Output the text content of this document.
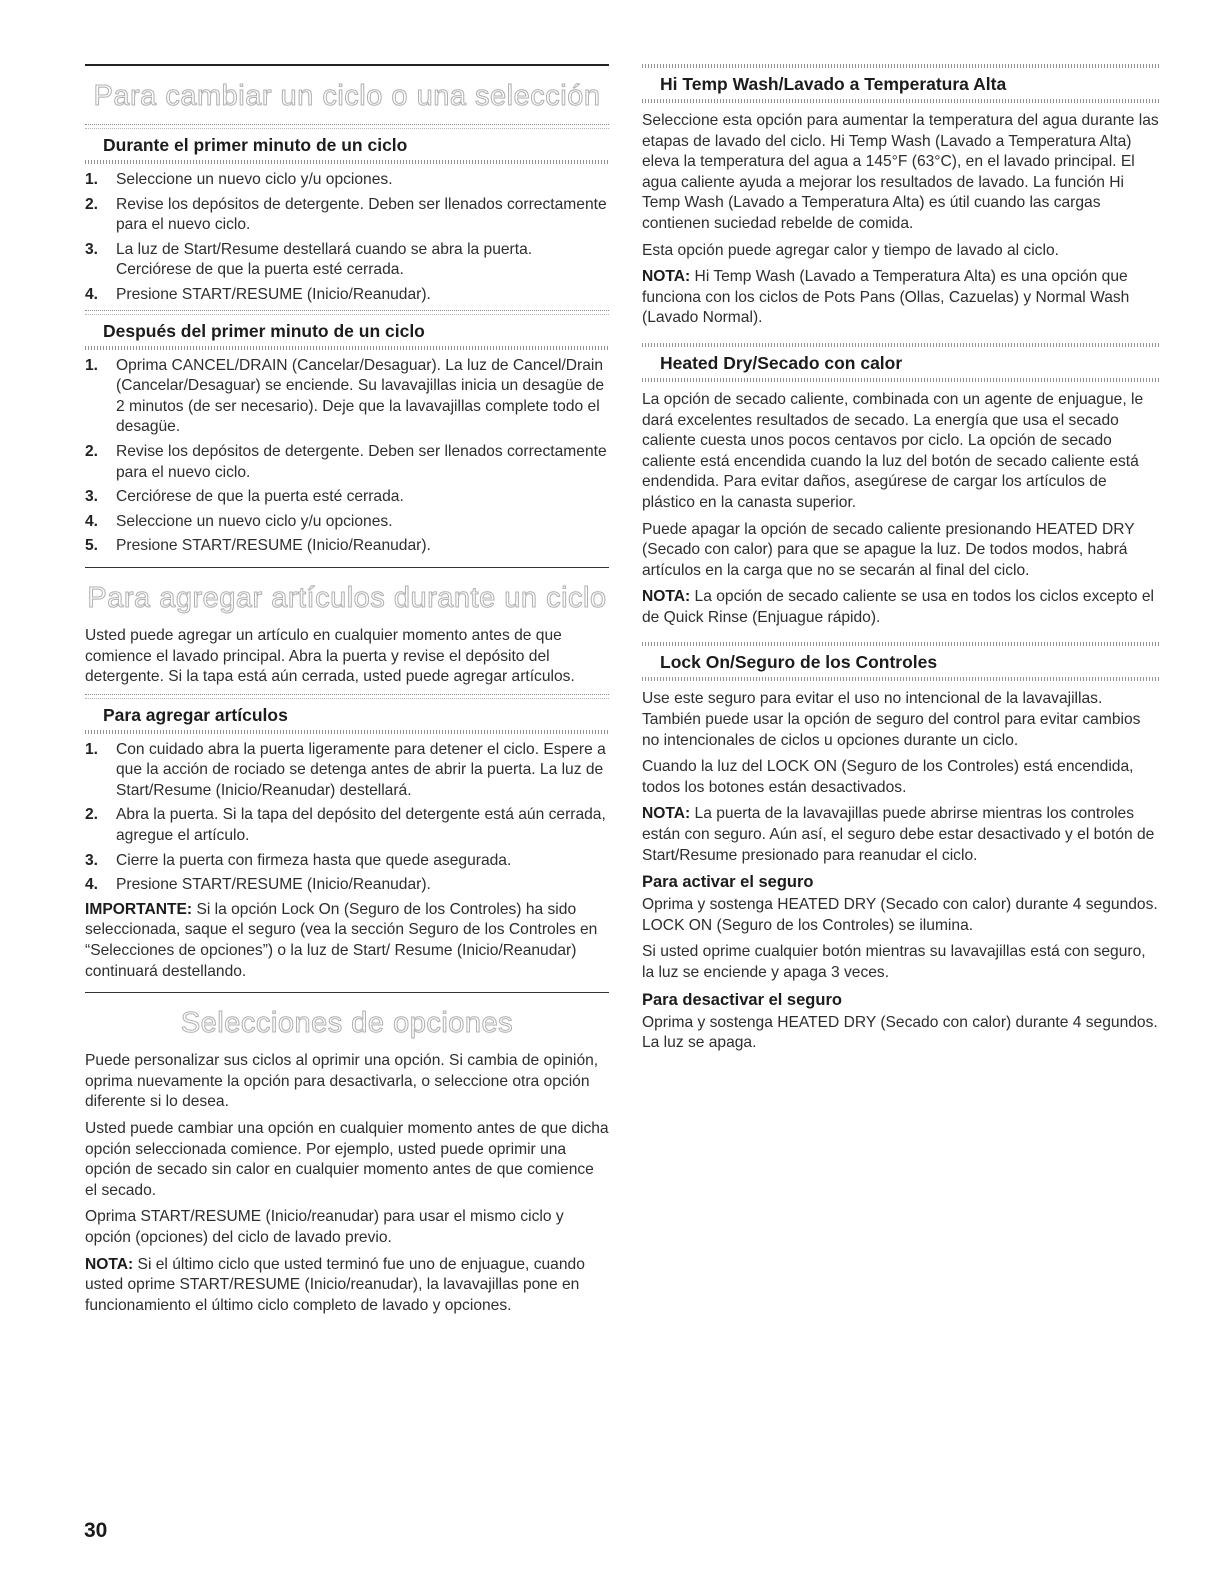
Para cambiar un ciclo o una selección
Durante el primer minuto de un ciclo
1. Seleccione un nuevo ciclo y/u opciones.
2. Revise los depósitos de detergente. Deben ser llenados correctamente para el nuevo ciclo.
3. La luz de Start/Resume destellará cuando se abra la puerta. Cerciórese de que la puerta esté cerrada.
4. Presione START/RESUME (Inicio/Reanudar).
Después del primer minuto de un ciclo
1. Oprima CANCEL/DRAIN (Cancelar/Desaguar). La luz de Cancel/Drain (Cancelar/Desaguar) se enciende. Su lavavajillas inicia un desagüe de 2 minutos (de ser necesario). Deje que la lavavajillas complete todo el desagüe.
2. Revise los depósitos de detergente. Deben ser llenados correctamente para el nuevo ciclo.
3. Cerciórese de que la puerta esté cerrada.
4. Seleccione un nuevo ciclo y/u opciones.
5. Presione START/RESUME (Inicio/Reanudar).
Para agregar artículos durante un ciclo

Usted puede agregar un artículo en cualquier momento antes de que comience el lavado principal. Abra la puerta y revise el depósito del detergente. Si la tapa está aún cerrada, usted puede agregar artículos.

Para agregar artículos
1. Con cuidado abra la puerta ligeramente para detener el ciclo. Espere a que la acción de rociado se detenga antes de abrir la puerta. La luz de Start/Resume (Inicio/Reanudar) destellará.
2. Abra la puerta. Si la tapa del depósito del detergente está aún cerrada, agregue el artículo.
3. Cierre la puerta con firmeza hasta que quede asegurada.
4. Presione START/RESUME (Inicio/Reanudar).

IMPORTANTE: Si la opción Lock On (Seguro de los Controles) ha sido seleccionada, saque el seguro (vea la sección Seguro de los Controles en “Selecciones de opciones”) o la luz de Start/ Resume (Inicio/Reanudar) continuará destellando.

Selecciones de opciones

Puede personalizar sus ciclos al oprimir una opción. Si cambia de opinión, oprima nuevamente la opción para desactivarla, o seleccione otra opción diferente si lo desea.

Usted puede cambiar una opción en cualquier momento antes de que dicha opción seleccionada comience. Por ejemplo, usted puede oprimir una opción de secado sin calor en cualquier momento antes de que comience el secado.

Oprima START/RESUME (Inicio/reanudar) para usar el mismo ciclo y opción (opciones) del ciclo de lavado previo.

NOTA: Si el último ciclo que usted terminó fue uno de enjuague, cuando usted oprime START/RESUME (Inicio/reanudar), la lavavajillas pone en funcionamiento el último ciclo completo de lavado y opciones.

Hi Temp Wash/Lavado a Temperatura Alta

Seleccione esta opción para aumentar la temperatura del agua durante las etapas de lavado del ciclo. Hi Temp Wash (Lavado a Temperatura Alta) eleva la temperatura del agua a 145°F (63°C), en el lavado principal. El agua caliente ayuda a mejorar los resultados de lavado. La función Hi Temp Wash (Lavado a Temperatura Alta) es útil cuando las cargas contienen suciedad rebelde de comida.

Esta opción puede agregar calor y tiempo de lavado al ciclo.

NOTA: Hi Temp Wash (Lavado a Temperatura Alta) es una opción que funciona con los ciclos de Pots Pans (Ollas, Cazuelas) y Normal Wash (Lavado Normal).

Heated Dry/Secado con calor

La opción de secado caliente, combinada con un agente de enjuague, le dará excelentes resultados de secado. La energía que usa el secado caliente cuesta unos pocos centavos por ciclo. La opción de secado caliente está encendida cuando la luz del botón de secado caliente está endendida. Para evitar daños, asegúrese de cargar los artículos de plástico en la canasta superior.

Puede apagar la opción de secado caliente presionando HEATED DRY (Secado con calor) para que se apague la luz. De todos modos, habrá artículos en la carga que no se secarán al final del ciclo.

NOTA: La opción de secado caliente se usa en todos los ciclos excepto el de Quick Rinse (Enjuague rápido).

Lock On/Seguro de los Controles

Use este seguro para evitar el uso no intencional de la lavavajillas. También puede usar la opción de seguro del control para evitar cambios no intencionales de ciclos u opciones durante un ciclo.

Cuando la luz del LOCK ON (Seguro de los Controles) está encendida, todos los botones están desactivados.

NOTA: La puerta de la lavavajillas puede abrirse mientras los controles están con seguro. Aún así, el seguro debe estar desactivado y el botón de Start/Resume presionado para reanudar el ciclo.

Para activar el seguro

Oprima y sostenga HEATED DRY (Secado con calor) durante 4 segundos. LOCK ON (Seguro de los Controles) se ilumina.

Si usted oprime cualquier botón mientras su lavavajillas está con seguro, la luz se enciende y apaga 3 veces.

Para desactivar el seguro

Oprima y sostenga HEATED DRY (Secado con calor) durante 4 segundos. La luz se apaga.

30
